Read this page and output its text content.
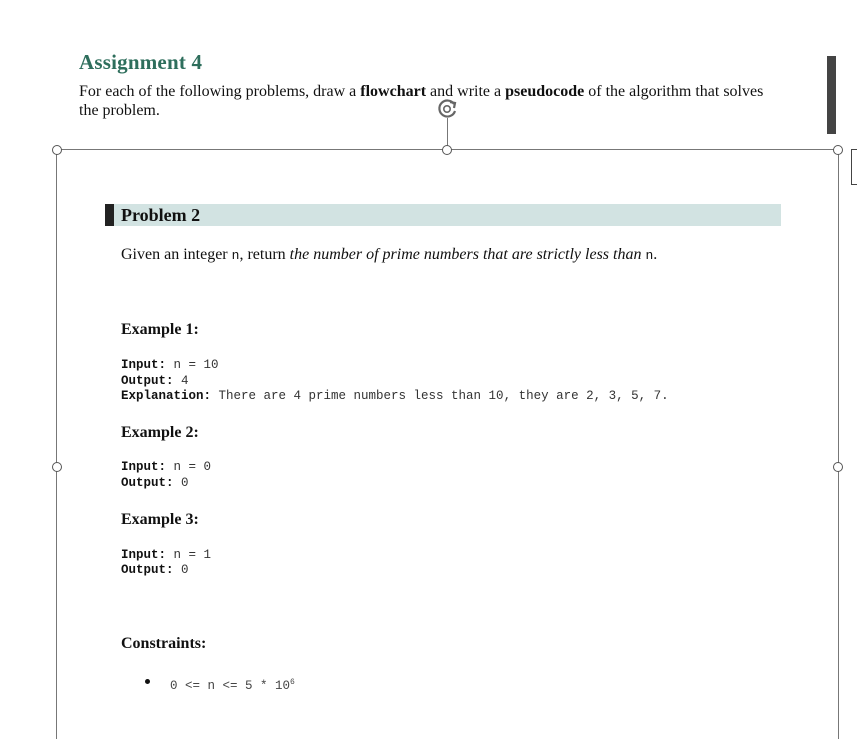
Assignment 4
For each of the following problems, draw a flowchart and write a pseudocode of the algorithm that solves the problem.
Problem 2
Given an integer n, return the number of prime numbers that are strictly less than n.
Example 1:
Input: n = 10
Output: 4
Explanation: There are 4 prime numbers less than 10, they are 2, 3, 5, 7.
Example 2:
Input: n = 0
Output: 0
Example 3:
Input: n = 1
Output: 0
Constraints:
$0 <= n <= 5 * 10^6$
